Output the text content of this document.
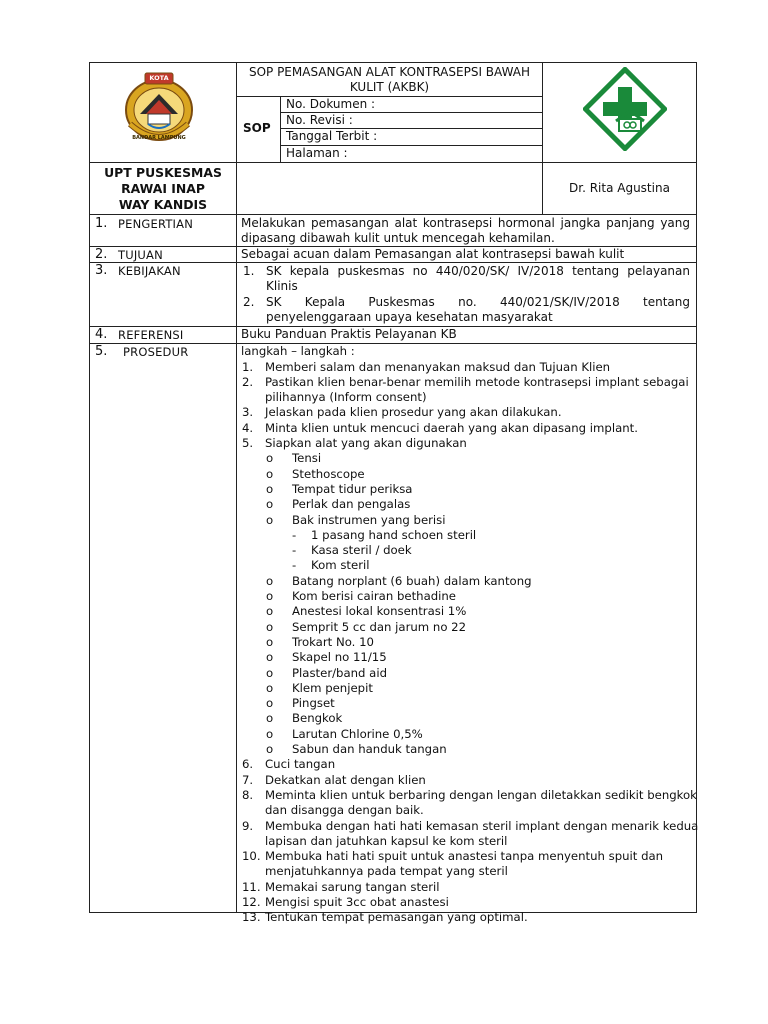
KOTA
BANDAR LAMPUNG
SOP PEMASANGAN ALAT KONTRASEPSI BAWAH
KULIT (AKBK)
SOP
No. Dokumen :
No. Revisi :
Tanggal Terbit :
Halaman :
UPT PUSKESMAS
RAWAI INAP
WAY KANDIS
Dr. Rita Agustina
1. PENGERTIAN	Melakukan pemasangan alat kontrasepsi hormonal jangka panjang yang
dipasang dibawah kulit untuk mencegah kehamilan.
2. TUJUAN	Sebagai acuan dalam Pemasangan alat kontrasepsi bawah kulit
3. KEBIJAKAN	1. SK kepala puskesmas no 440/020/SK/ IV/2018 tentang pelayanan
Klinis
2. SK Kepala Puskesmas no. 440/021/SK/IV/2018 tentang
penyelenggaraan upaya kesehatan masyarakat
4. REFERENSI	Buku Panduan Praktis Pelayanan KB
5. PROSEDUR	langkah – langkah :
1. Memberi salam dan menanyakan maksud dan Tujuan Klien
2. Pastikan klien benar-benar memilih metode kontrasepsi implant sebagai
pilihannya (Inform consent)
3. Jelaskan pada klien prosedur yang akan dilakukan.
4. Minta klien untuk mencuci daerah yang akan dipasang implant.
5. Siapkan alat yang akan digunakan
o Tensi
o Stethoscope
o Tempat tidur periksa
o Perlak dan pengalas
o Bak instrumen yang berisi
- 1 pasang hand schoen steril
- Kasa steril / doek
- Kom steril
o Batang norplant (6 buah) dalam kantong
o Kom berisi cairan bethadine
o Anestesi lokal konsentrasi 1%
o Semprit 5 cc dan jarum no 22
o Trokart No. 10
o Skapel no 11/15
o Plaster/band aid
o Klem penjepit
o Pingset
o Bengkok
o Larutan Chlorine 0,5%
o Sabun dan handuk tangan
6. Cuci tangan
7. Dekatkan alat dengan klien
8. Meminta klien untuk berbaring dengan lengan diletakkan sedikit bengkok
dan disangga dengan baik.
9. Membuka dengan hati hati kemasan steril implant dengan menarik kedua
lapisan dan jatuhkan kapsul ke kom steril
10. Membuka hati hati spuit untuk anastesi tanpa menyentuh spuit dan
menjatuhkannya pada tempat yang steril
11. Memakai sarung tangan steril
12. Mengisi spuit 3cc obat anastesi
13. Tentukan tempat pemasangan yang optimal.
